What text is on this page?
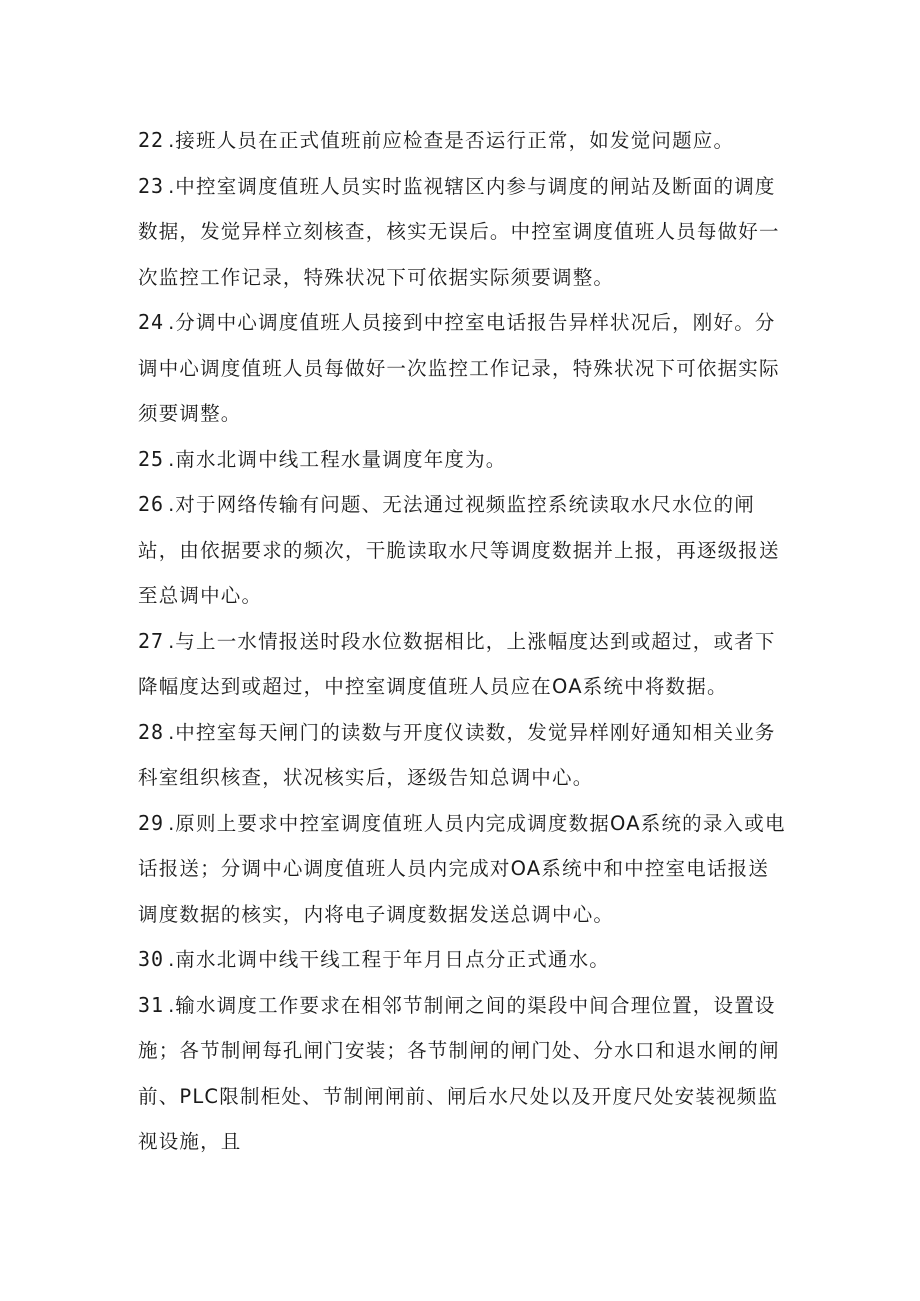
22 .接班人员在正式值班前应检查是否运行正常，如发觉问题应。

23 .中控室调度值班人员实时监视辖区内参与调度的闸站及断面的调度数据，发觉异样立刻核查，核实无误后。中控室调度值班人员每做好一次监控工作记录，特殊状况下可依据实际须要调整。

24 .分调中心调度值班人员接到中控室电话报告异样状况后，刚好。分调中心调度值班人员每做好一次监控工作记录，特殊状况下可依据实际须要调整。

25 .南水北调中线工程水量调度年度为。

26 .对于网络传输有问题、无法通过视频监控系统读取水尺水位的闸站，由依据要求的频次，干脆读取水尺等调度数据并上报，再逐级报送至总调中心。

27 .与上一水情报送时段水位数据相比，上涨幅度达到或超过，或者下降幅度达到或超过，中控室调度值班人员应在OA系统中将数据。

28 .中控室每天闸门的读数与开度仪读数，发觉异样刚好通知相关业务科室组织核查，状况核实后，逐级告知总调中心。

29 .原则上要求中控室调度值班人员内完成调度数据OA系统的录入或电话报送；分调中心调度值班人员内完成对OA系统中和中控室电话报送调度数据的核实，内将电子调度数据发送总调中心。

30 .南水北调中线干线工程于年月日点分正式通水。

31 .输水调度工作要求在相邻节制闸之间的渠段中间合理位置，设置设施；各节制闸每孔闸门安装；各节制闸的闸门处、分水口和退水闸的闸前、PLC限制柜处、节制闸闸前、闸后水尺处以及开度尺处安装视频监视设施，且
